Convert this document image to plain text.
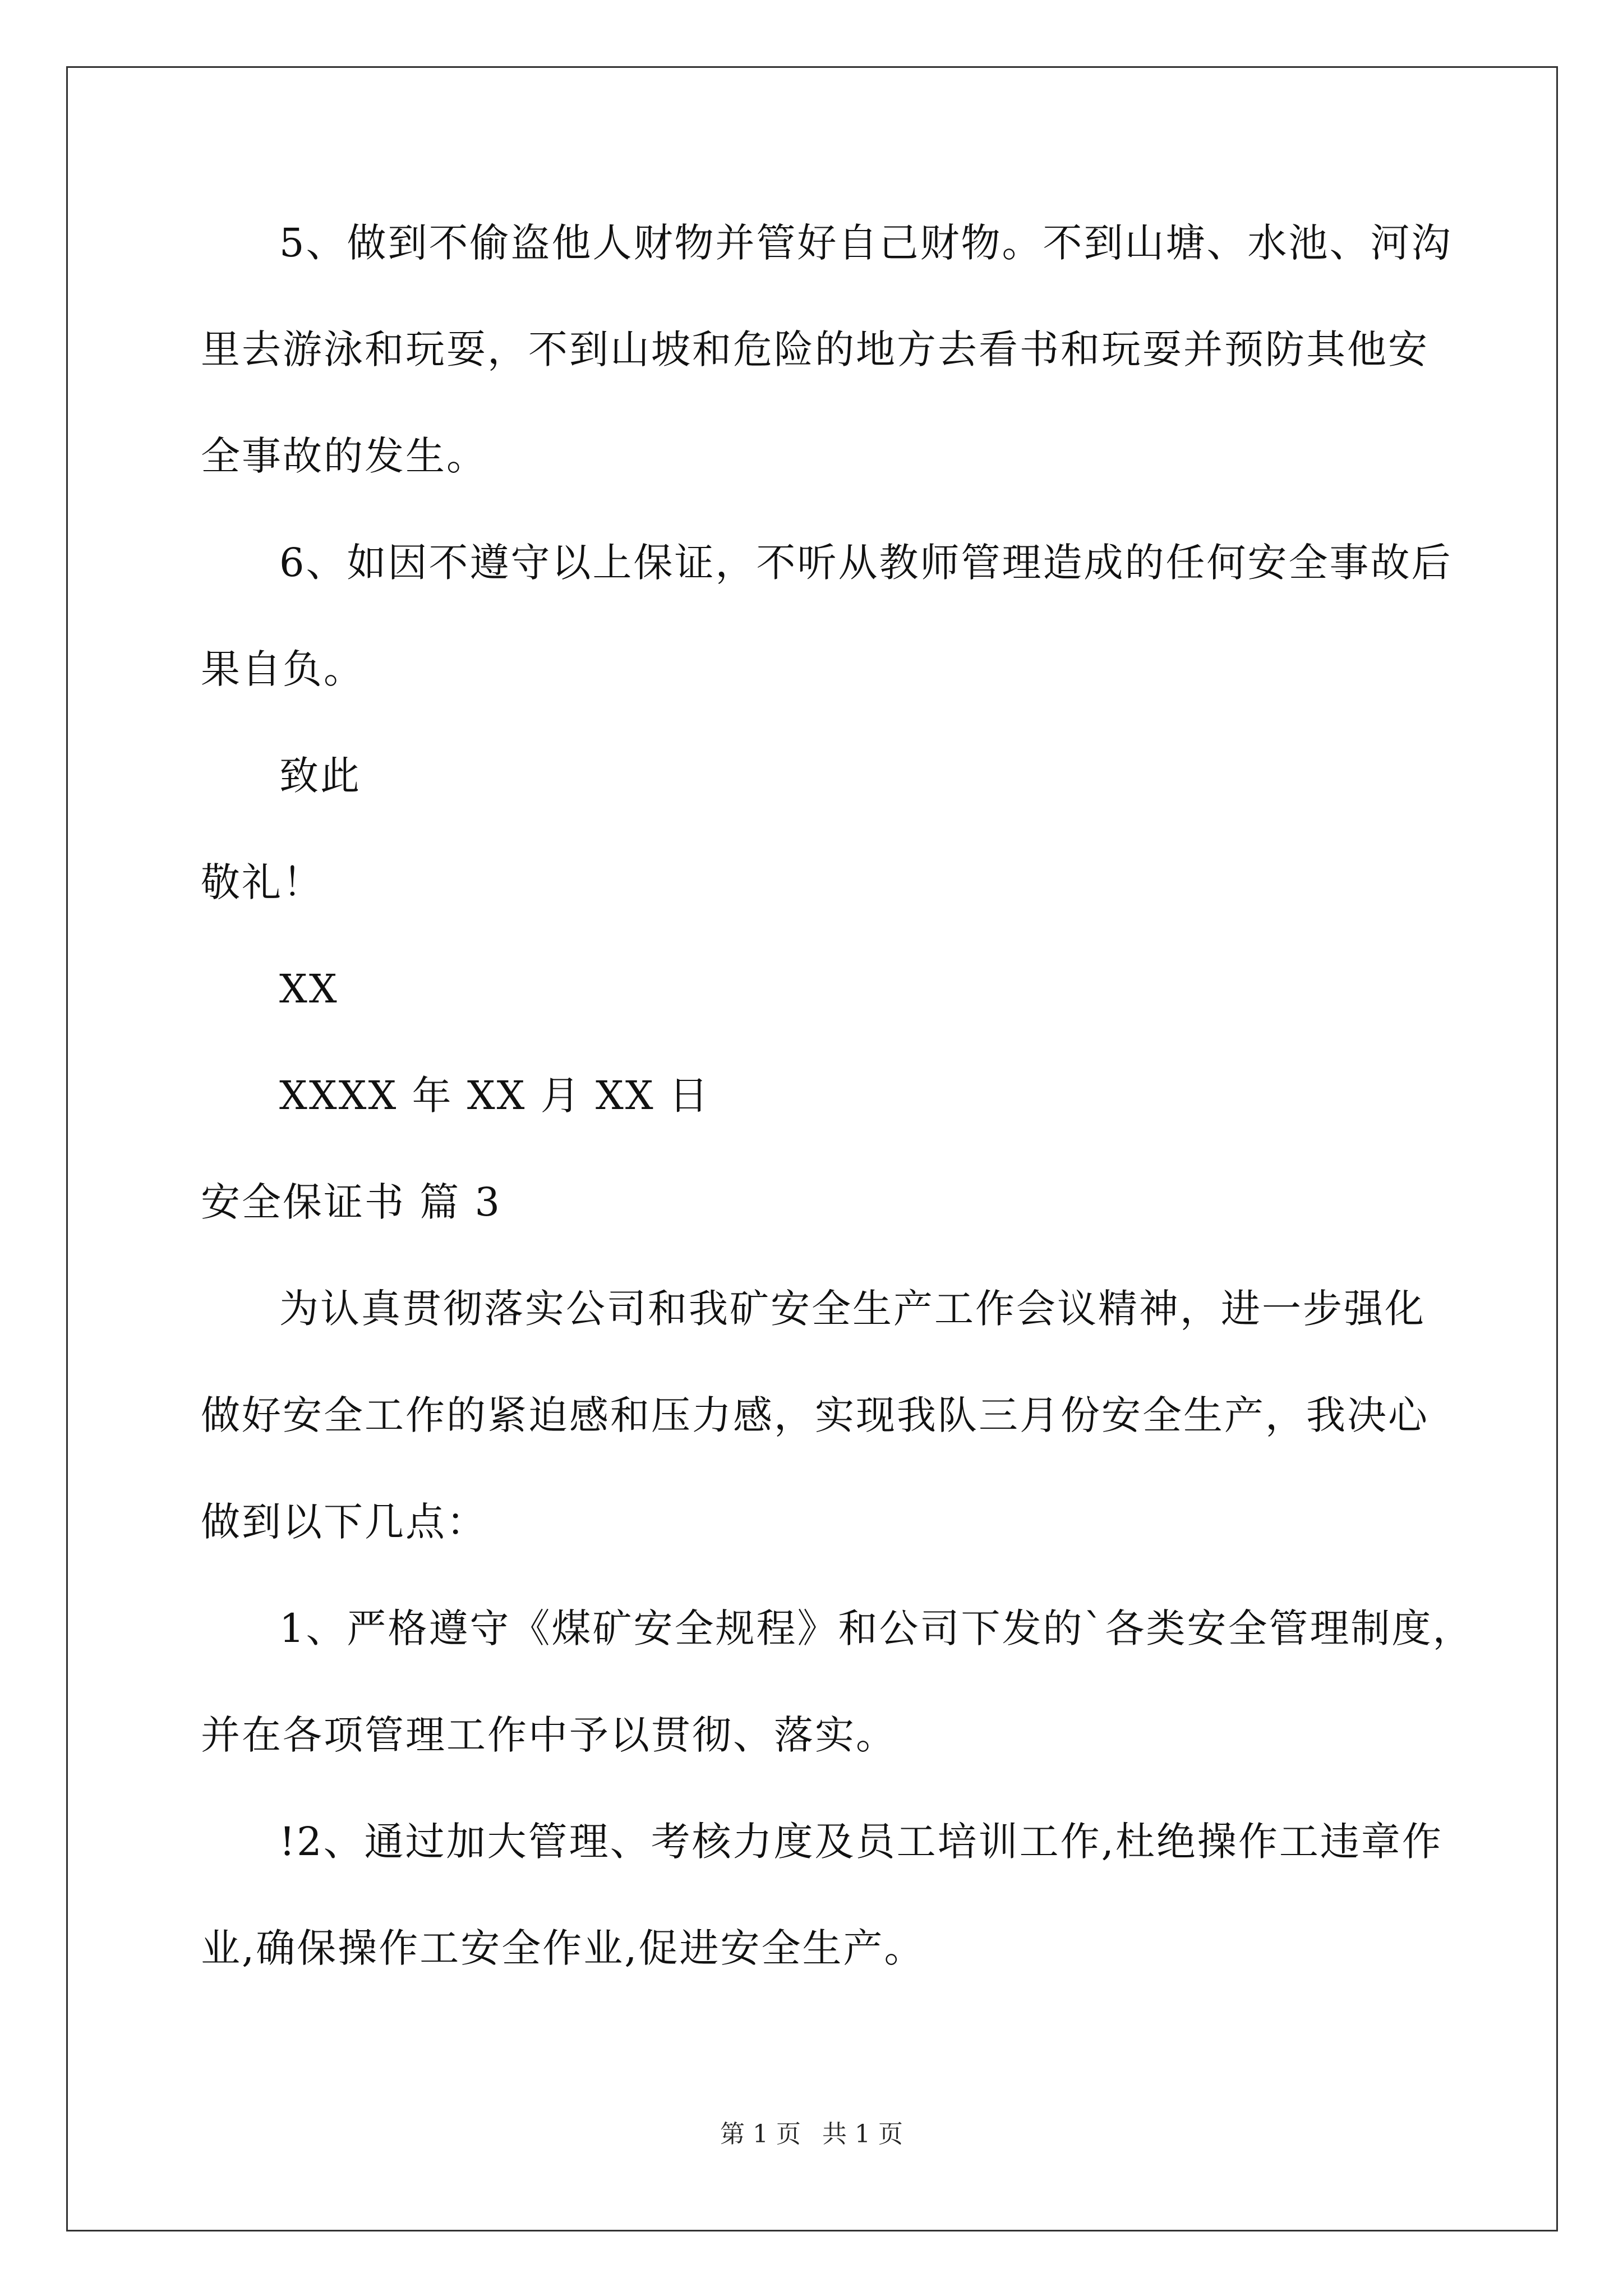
5、做到不偷盗他人财物并管好自己财物。不到山塘、水池、河沟

里去游泳和玩耍，不到山坡和危险的地方去看书和玩耍并预防其他安

全事故的发生。

6、如因不遵守以上保证，不听从教师管理造成的任何安全事故后

果自负。

致此

敬礼！

XX

XXXX 年 XX 月 XX 日

安全保证书 篇 3

为认真贯彻落实公司和我矿安全生产工作会议精神，进一步强化

做好安全工作的紧迫感和压力感，实现我队三月份安全生产，我决心

做到以下几点：

1、严格遵守《煤矿安全规程》和公司下发的`各类安全管理制度，

并在各项管理工作中予以贯彻、落实。

!2、通过加大管理、考核力度及员工培训工作,杜绝操作工违章作

业,确保操作工安全作业,促进安全生产。

第 1 页 共 1 页
